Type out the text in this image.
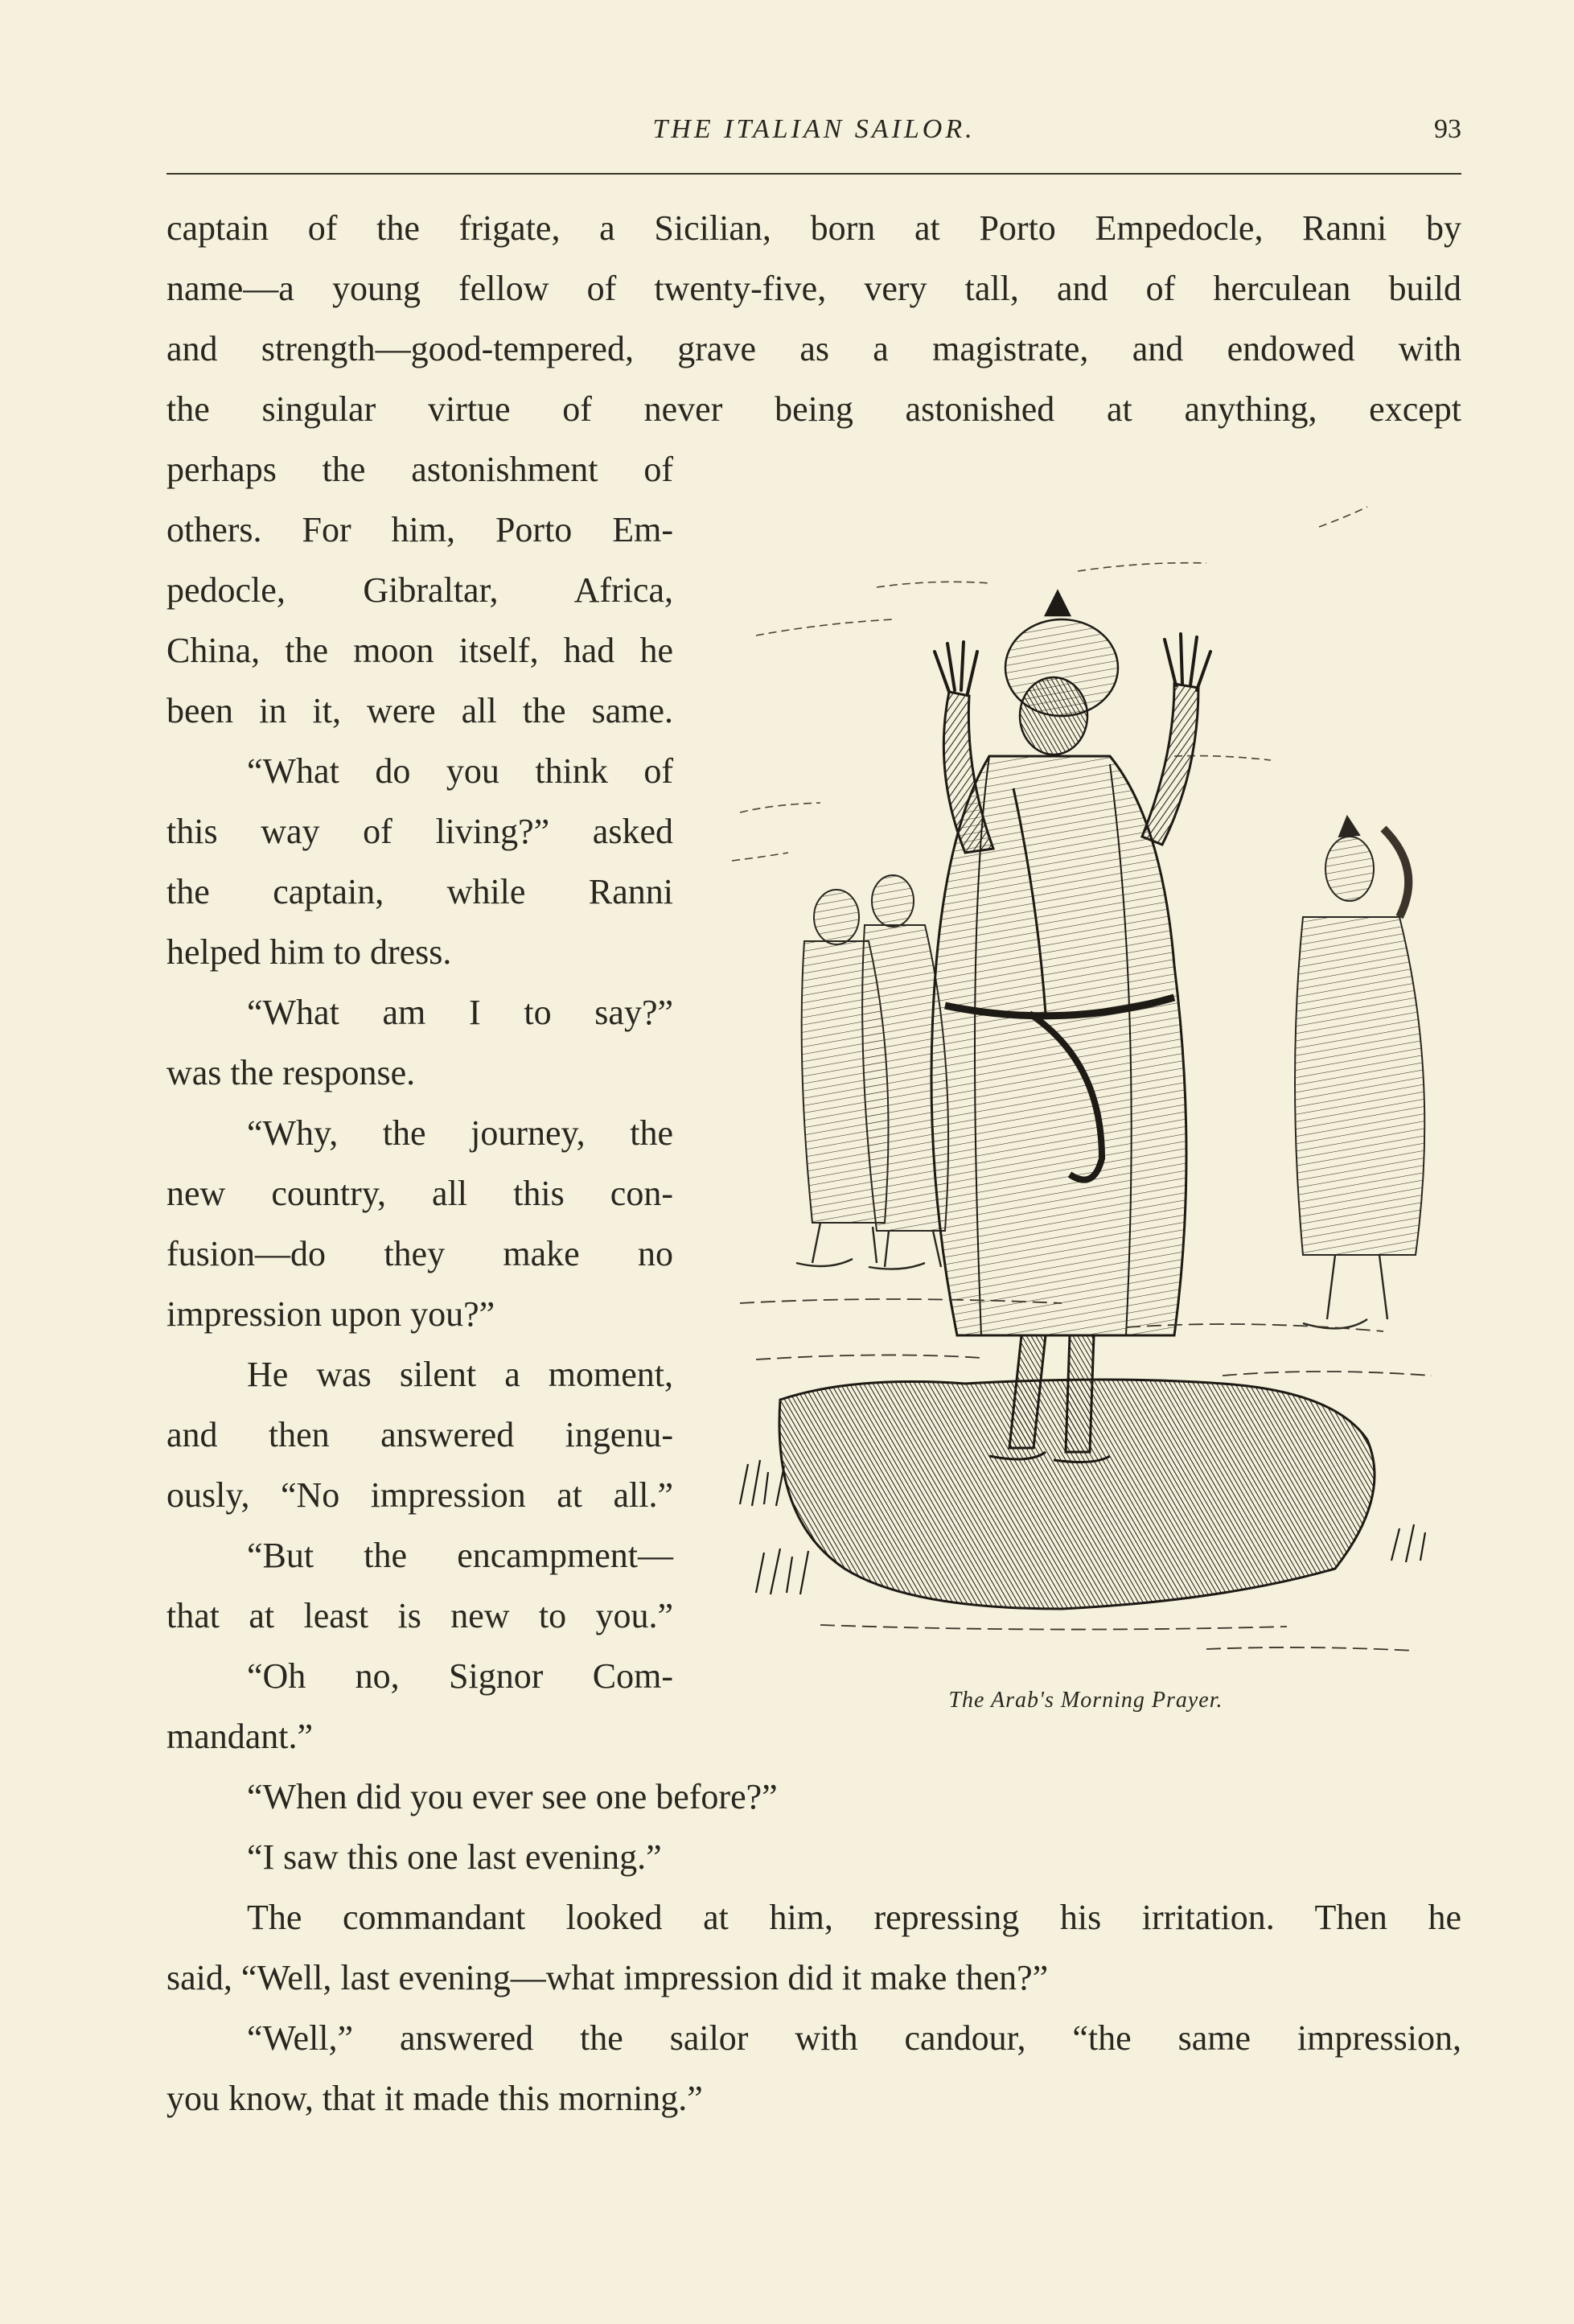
THE ITALIAN SAILOR.	93
captain of the frigate, a Sicilian, born at Porto Empedocle, Ranni by
name—a young fellow of twenty-five, very tall, and of herculean build
and strength—good-tempered, grave as a magistrate, and endowed with
the singular virtue of never being astonished at anything, except
perhaps the astonishment of
others. For him, Porto Em-
pedocle, Gibraltar, Africa,
China, the moon itself, had he
been in it, were all the same.
“What do you think of
this way of living?” asked
the captain, while Ranni
helped him to dress.
“What am I to say?”
was the response.
“Why, the journey, the
new country, all this con-
fusion—do they make no
impression upon you?”
He was silent a moment,
and then answered ingenu-
ously, “No impression at all.”
“But the encampment—
that at least is new to you.”
“Oh no, Signor Com-
mandant.”
“When did you ever see one before?”
“I saw this one last evening.”
The commandant looked at him, repressing his irritation. Then he
said, “Well, last evening—what impression did it make then?”
“Well,” answered the sailor with candour, “the same impression,
you know, that it made this morning.”
The Arab's Morning Prayer.
